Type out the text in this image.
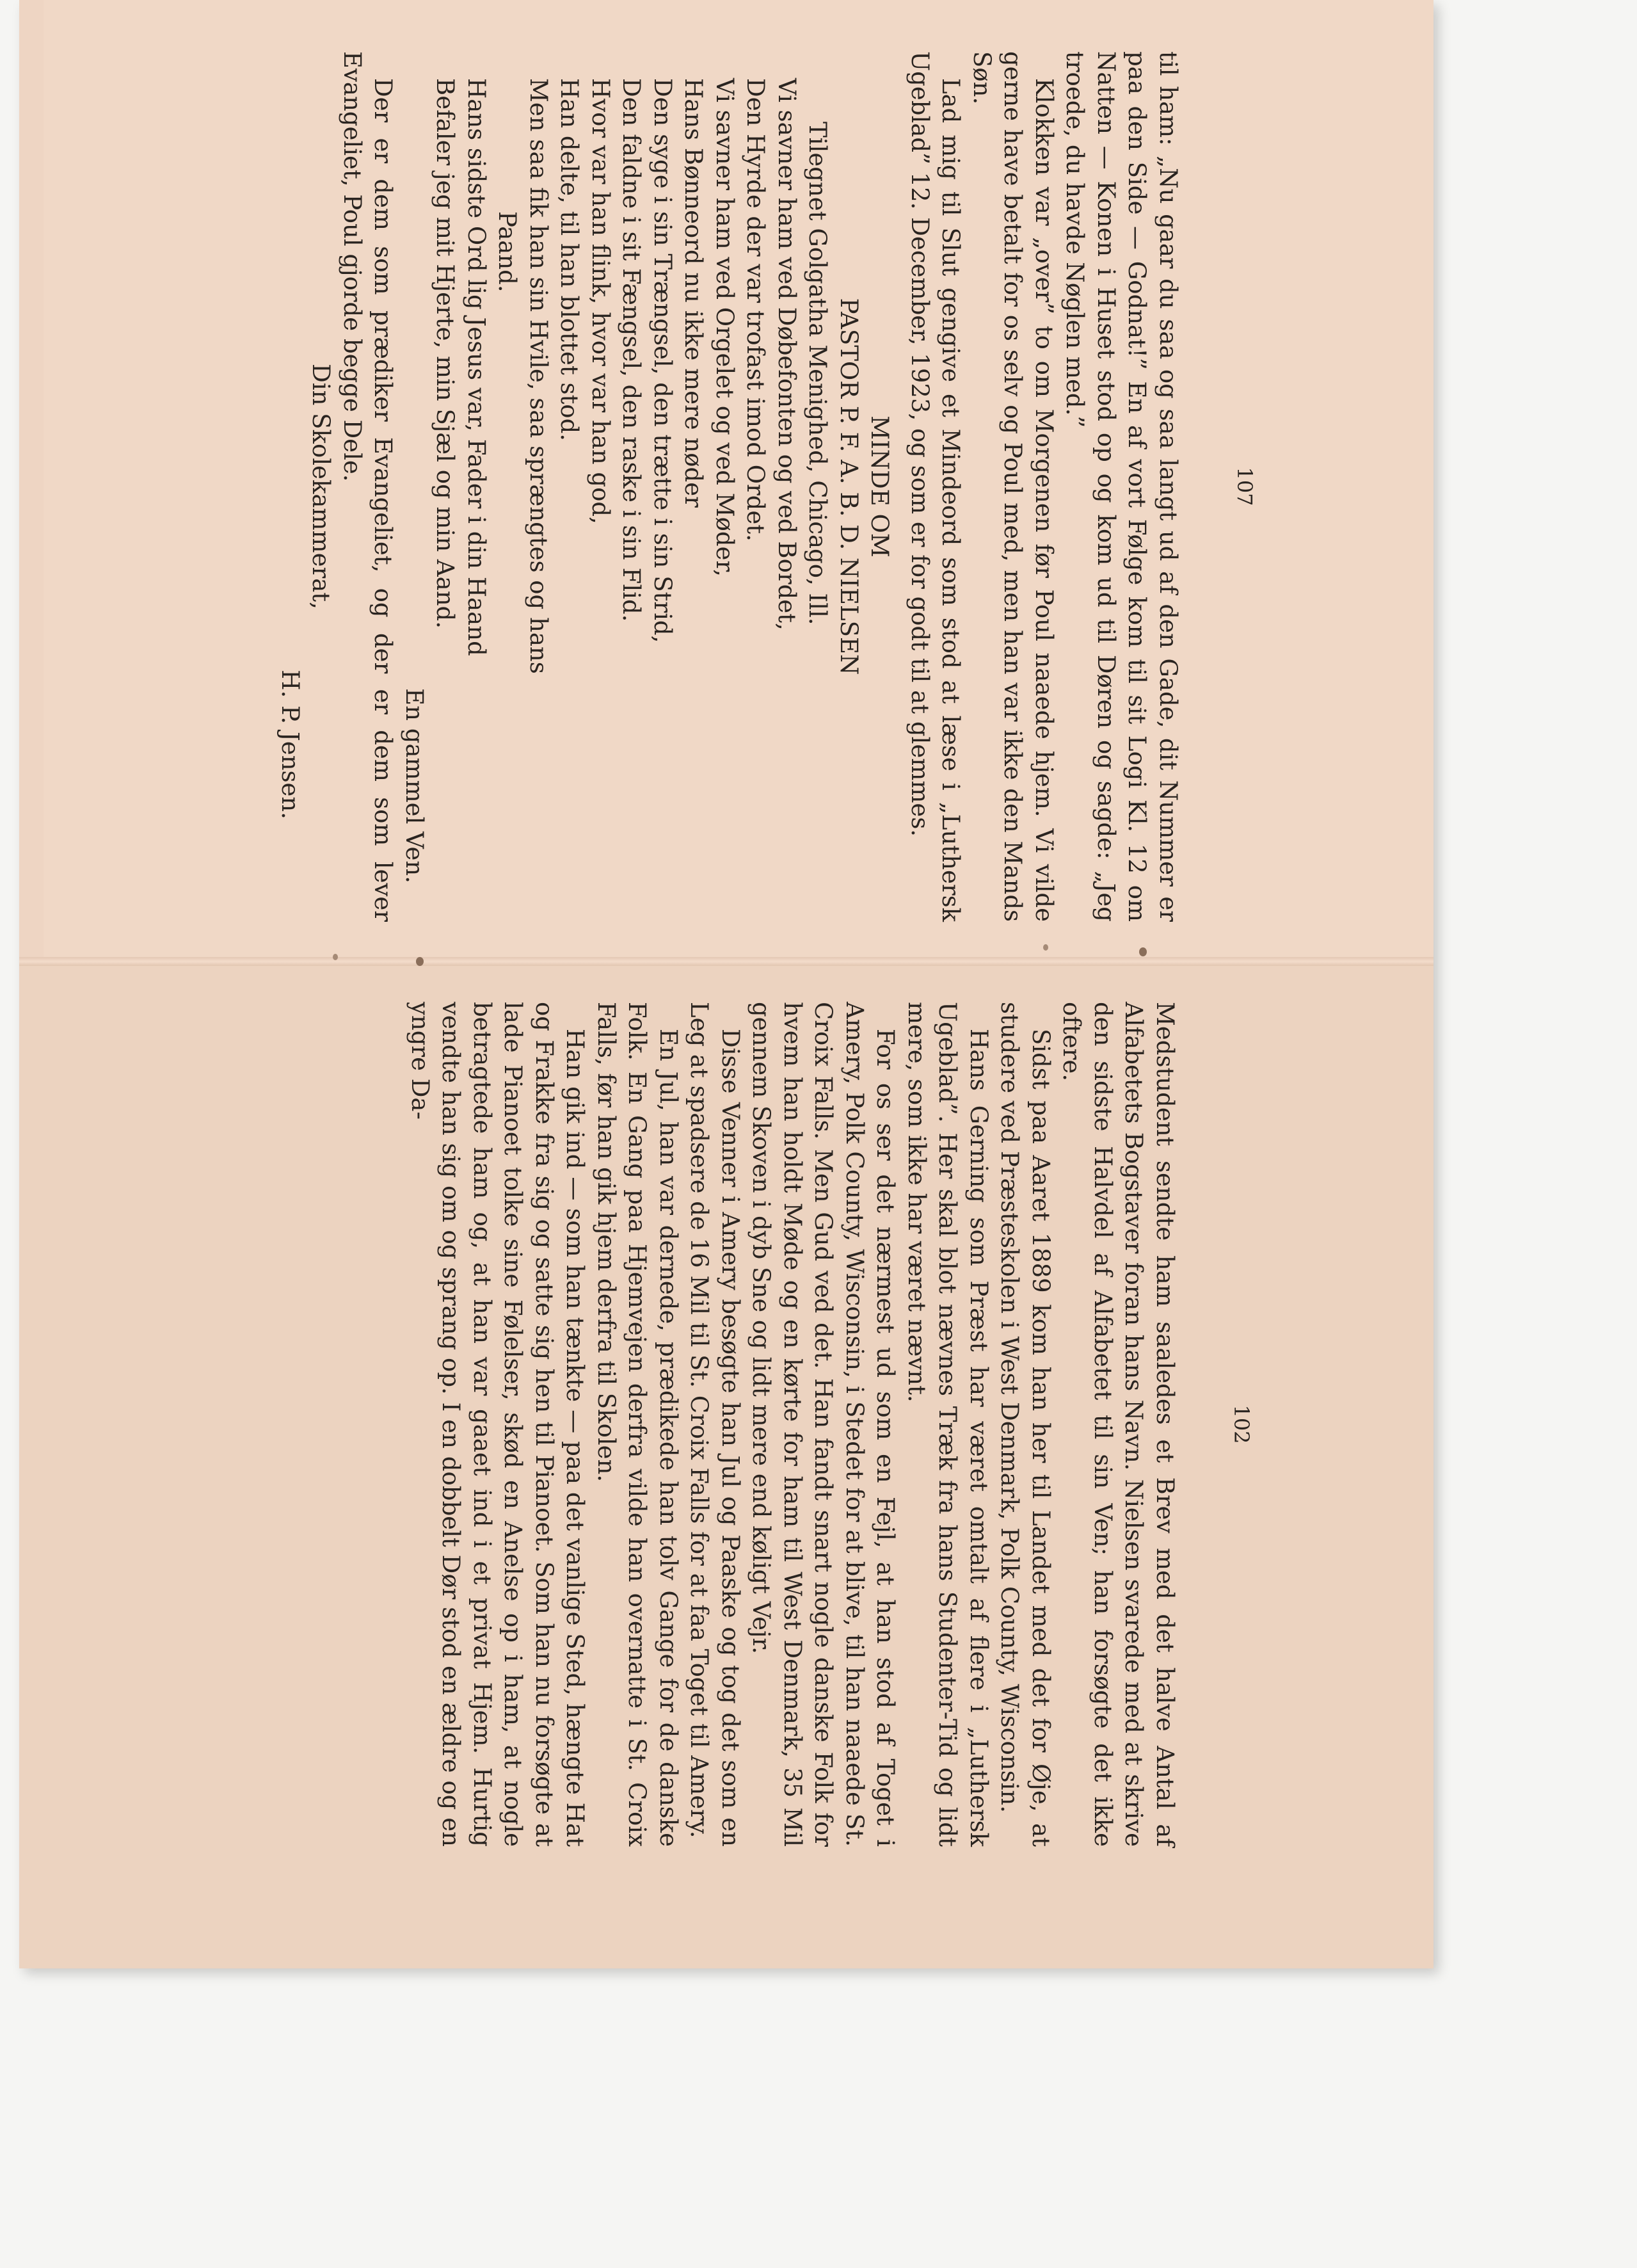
102

Medstudent sendte ham saaledes et Brev med det halve Antal af Alfabetets Bogstaver foran hans Navn. Nielsen svarede med at skrive den sidste Halvdel af Alfabetet til sin Ven; han forsøgte det ikke oftere.

Sidst paa Aaret 1889 kom han her til Landet med det for Øje, at studere ved Præsteskolen i West Denmark, Polk County, Wisconsin.

Hans Gerning som Præst har været omtalt af flere i „Luthersk Ugeblad”. Her skal blot nævnes Træk fra hans Studenter-Tid og lidt mere, som ikke har været nævnt.

For os ser det nærmest ud som en Fejl, at han stod af Toget i Amery, Polk County, Wisconsin, i Stedet for at blive, til han naaede St. Croix Falls. Men Gud ved det. Han fandt snart nogle danske Folk for hvem han holdt Møde og en kørte for ham til West Denmark, 35 Mil gennem Skoven i dyb Sne og lidt mere end køligt Vejr.

Disse Venner i Amery besøgte han Jul og Paaske og tog det som en Leg at spadsere de 16 Mil til St. Croix Falls for at faa Toget til Amery.

En Jul, han var dernede, prædikede han tolv Gange for de danske Folk. En Gang paa Hjemvejen derfra vilde han overnatte i St. Croix Falls, før han gik hjem derfra til Skolen.

Han gik ind — som han tænkte — paa det vanlige Sted, hængte Hat og Frakke fra sig og satte sig hen til Pianoet. Som han nu forsøgte at lade Pianoet tolke sine Følelser, skød en Anelse op i ham, at nogle betragtede ham og, at han var gaaet ind i et privat Hjem. Hurtig vendte han sig om og sprang op. I en dobbelt Dør stod en ældre og en yngre Da-

107

til ham: „Nu gaar du saa og saa langt ud af den Gade, dit Nummer er paa den Side — Godnat!” En af vort Følge kom til sit Logi Kl. 12 om Natten — Konen i Huset stod op og kom ud til Døren og sagde: „Jeg troede, du havde Nøglen med.”

Klokken var „over” to om Morgenen før Poul naaede hjem. Vi vilde gerne have betalt for os selv og Poul med, men han var ikke den Mands Søn.

Lad mig til Slut gengive et Mindeord som stod at læse i „Luthersk Ugeblad” 12. December, 1923, og som er for godt til at glemmes.

MINDE OM

PASTOR P. F. A. B. D. NIELSEN

Tilegnet Golgatha Menighed, Chicago, Ill.

Vi savner ham ved Døbefonten og ved Bordet,

Den Hyrde der var trofast imod Ordet.

Vi savner ham ved Orgelet og ved Møder,

Hans Bønneord nu ikke mere nøder

Den syge i sin Trængsel, den trætte i sin Strid,

Den faldne i sit Fængsel, den raske i sin Flid.

Hvor var han flink, hvor var han god,

Han delte, til han blottet stod.

Men saa fik han sin Hvile, saa sprængtes og hans

Paand.

Hans sidste Ord lig Jesus var, Fader i din Haand

Befaler jeg mit Hjerte, min Sjæl og min Aand.

En gammel Ven.

Der er dem som prædiker Evangeliet, og der er dem som lever Evangeliet, Poul gjorde begge Dele.

Din Skolekammerat,

H. P. Jensen.
